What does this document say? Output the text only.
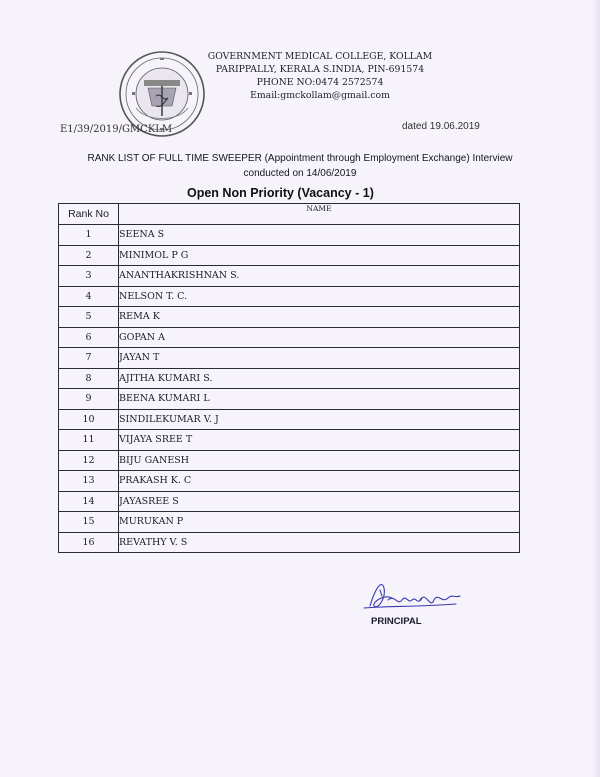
GOVERNMENT MEDICAL COLLEGE, KOLLAM
PARIPPALLY, KERALA S.INDIA, PIN-691574
PHONE NO:0474 2572574
Email:gmckollam@gmail.com
E1/39/2019/GMCKLM	dated 19.06.2019
RANK LIST OF FULL TIME SWEEPER (Appointment through Employment Exchange) Interview
conducted on 14/06/2019
Open Non Priority (Vacancy - 1)
Rank No	NAME
1	SEENA S
2	MINIMOL P G
3	ANANTHAKRISHNAN S.
4	NELSON T. C.
5	REMA K
6	GOPAN A
7	JAYAN T
8	AJITHA KUMARI S.
9	BEENA KUMARI L
10	SINDILEKUMAR V. J
11	VIJAYA SREE T
12	BIJU GANESH
13	PRAKASH K. C
14	JAYASREE S
15	MURUKAN P
16	REVATHY V. S
PRINCIPAL
